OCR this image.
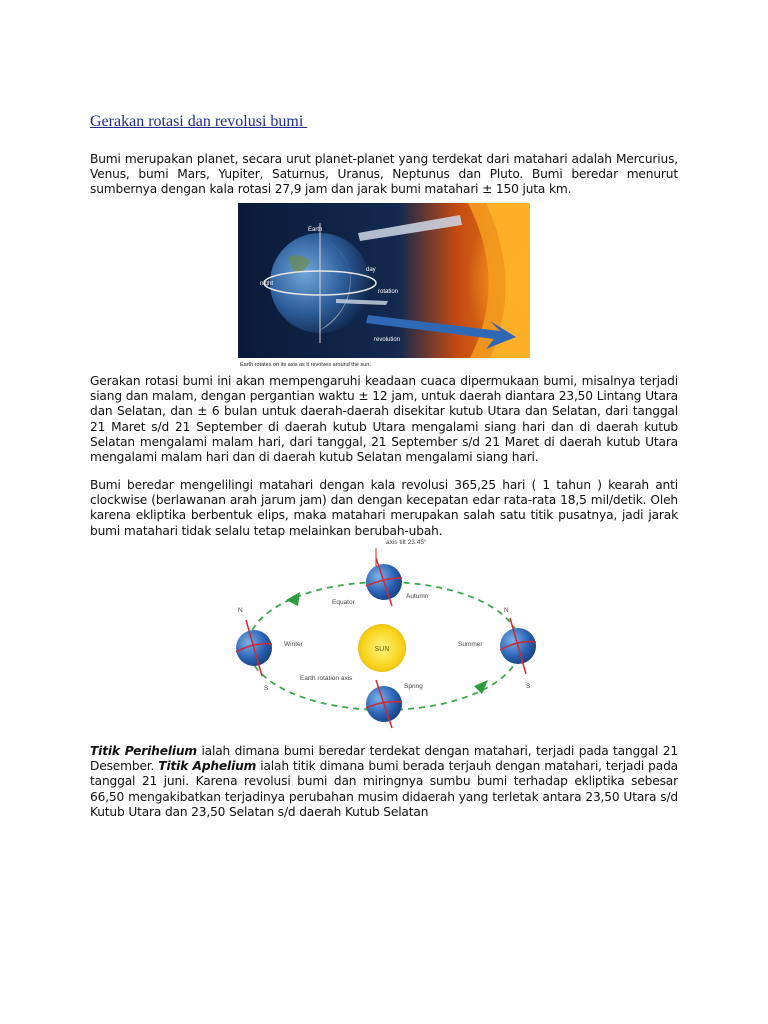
Gerakan rotasi dan revolusi bumi

Bumi merupakan planet, secara urut planet-planet yang terdekat dari matahari adalah Mercurius, Venus, bumi Mars, Yupiter, Saturnus, Uranus, Neptunus dan Pluto. Bumi beredar menurut sumbernya dengan kala rotasi 27,9 jam dan jarak bumi matahari ± 150 juta km.

Earth
day
night
rotation
revolution
Earth rotates on its axis as it revolves around the sun.

Gerakan rotasi bumi ini akan mempengaruhi keadaan cuaca dipermukaan bumi, misalnya terjadi siang dan malam, dengan pergantian waktu ± 12 jam, untuk daerah diantara 23,50 Lintang Utara dan Selatan, dan ± 6 bulan untuk daerah-daerah disekitar kutub Utara dan Selatan, dari tanggal 21 Maret s/d 21 September di daerah kutub Utara mengalami siang hari dan di daerah kutub Selatan mengalami malam hari, dari tanggal, 21 September s/d 21 Maret di daerah kutub Utara mengalami malam hari dan di daerah kutub Selatan mengalami siang hari.

Bumi beredar mengelilingi matahari dengan kala revolusi 365,25 hari ( 1 tahun ) kearah anti clockwise (berlawanan arah jarum jam) dan dengan kecepatan edar rata-rata 18,5 mil/detik. Oleh karena ekliptika berbentuk elips, maka matahari merupakan salah satu titik pusatnya, jadi jarak bumi matahari tidak selalu tetap melainkan berubah-ubah.

SUN
axis tilt 23.45°
Equator
Autumn
Winter
N
S
Summer
N
S
Earth rotation axis
Spring

Titik Perihelium ialah dimana bumi beredar terdekat dengan matahari, terjadi pada tanggal 21 Desember. Titik Aphelium ialah titik dimana bumi berada terjauh dengan matahari, terjadi pada tanggal 21 juni. Karena revolusi bumi dan miringnya sumbu bumi terhadap ekliptika sebesar 66,50 mengakibatkan terjadinya perubahan musim didaerah yang terletak antara 23,50 Utara s/d Kutub Utara dan 23,50 Selatan s/d daerah Kutub Selatan
